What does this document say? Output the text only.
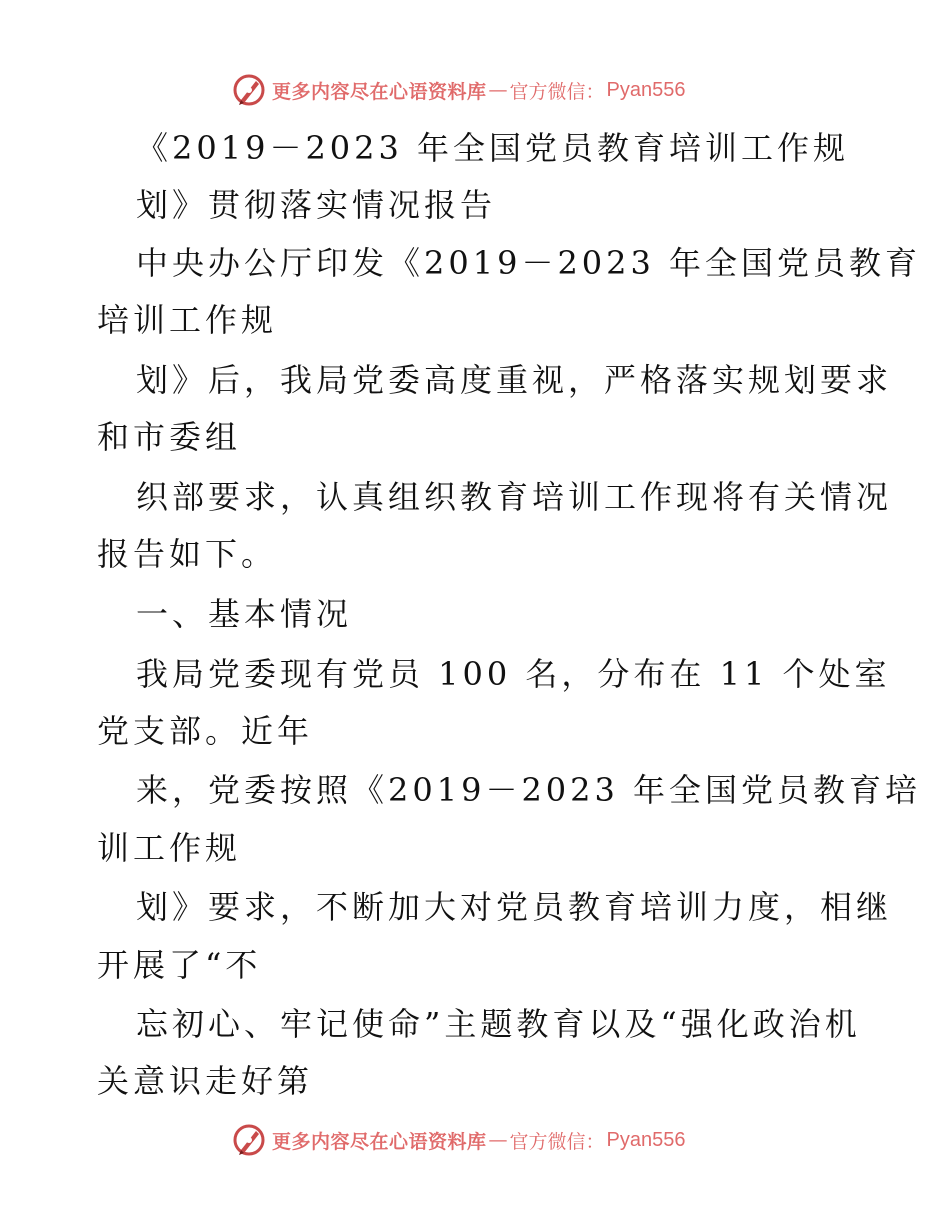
更多内容尽在心语资料库 — 官方微信： Pyan556
《2019－2023 年全国党员教育培训工作规
划》贯彻落实情况报告
中央办公厅印发《2019－2023 年全国党员教育
培训工作规
划》后，我局党委高度重视，严格落实规划要求
和市委组
织部要求，认真组织教育培训工作现将有关情况
报告如下。
一、基本情况
我局党委现有党员 100 名，分布在 11 个处室
党支部。近年
来，党委按照《2019－2023 年全国党员教育培
训工作规
划》要求，不断加大对党员教育培训力度，相继
开展了“不
忘初心、牢记使命”主题教育以及“强化政治机
关意识走好第
更多内容尽在心语资料库 — 官方微信： Pyan556
